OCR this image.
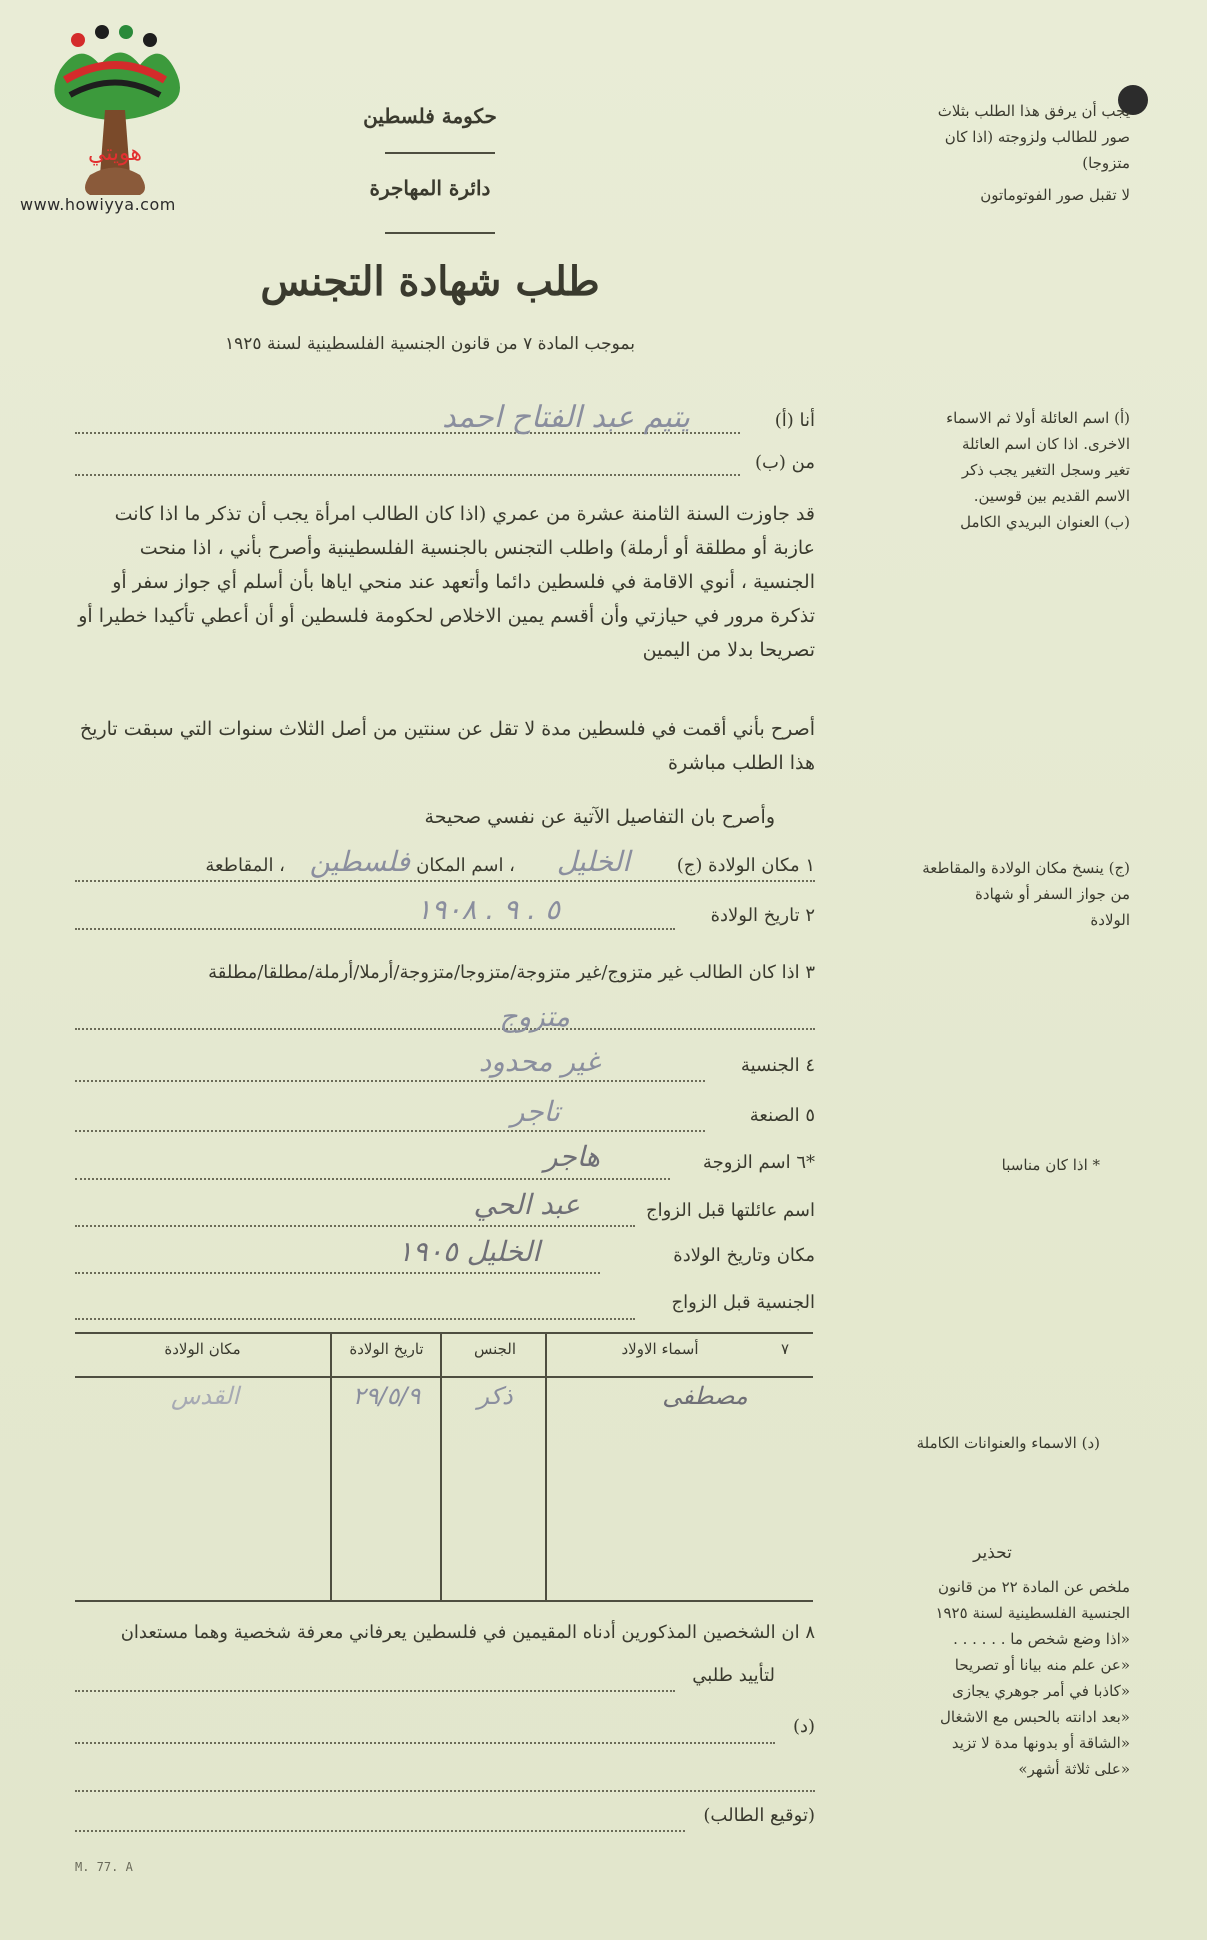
هويتي
www.howiyya.com
حكومة فلسطين
دائرة المهاجرة
طلب شهادة التجنس
بموجب المادة ٧ من قانون الجنسية الفلسطينية لسنة ١٩٢٥
يجب أن يرفق هذا الطلب بثلاث
صور للطالب ولزوجته (اذا كان
متزوجا)
لا تقبل صور الفوتوماتون
(أ) اسم العائلة أولا ثم الاسماء
الاخرى. اذا كان اسم العائلة
تغير وسجل التغير يجب ذكر
الاسم القديم بين قوسين.
(ب) العنوان البريدي الكامل
(ج) ينسخ مكان الولادة والمقاطعة
من جواز السفر أو شهادة
الولادة
* اذا كان مناسبا
(د) الاسماء والعنوانات الكاملة
تحذير
ملخص عن المادة ٢٢ من قانون
الجنسية الفلسطينية لسنة ١٩٢٥
«اذا وضع شخص ما . . . . . .
«عن علم منه بيانا أو تصريحا
«كاذبا في أمر جوهري يجازى
«بعد ادانته بالحبس مع الاشغال
«الشاقة أو بدونها مدة لا تزيد
«على ثلاثة أشهر»
أنا (أ)
يتيم عبد الفتاح احمد
من (ب)
قد جاوزت السنة الثامنة عشرة من عمري (اذا كان الطالب امرأة يجب أن تذكر ما اذا كانت عازبة أو مطلقة أو أرملة) واطلب التجنس بالجنسية الفلسطينية وأصرح بأني ، اذا منحت الجنسية ، أنوي الاقامة في فلسطين دائما وأتعهد عند منحي اياها بأن أسلم أي جواز سفر أو تذكرة مرور في حيازتي وأن أقسم يمين الاخلاص لحكومة فلسطين أو أن أعطي تأكيدا خطيرا أو تصريحا بدلا من اليمين
أصرح بأني أقمت في فلسطين مدة لا تقل عن سنتين من أصل الثلاث سنوات التي سبقت تاريخ هذا الطلب مباشرة
وأصرح بان التفاصيل الآتية عن نفسي صحيحة
١ مكان الولادة (ج)
الخليل
، اسم المكان
فلسطين
، المقاطعة
٢ تاريخ الولادة
٥ . ٩ . ١٩٠٨
٣ اذا كان الطالب غير متزوج/غير متزوجة/متزوجا/متزوجة/أرملا/أرملة/مطلقا/مطلقة
متزوج
٤ الجنسية
غير محدود
٥ الصنعة
تاجر
*٦ اسم الزوجة
هاجر
اسم عائلتها قبل الزواج
عبد الحي
مكان وتاريخ الولادة
الخليل ١٩٠٥
الجنسية قبل الزواج
٧
أسماء الاولاد
الجنس
تاريخ الولادة
مكان الولادة
مصطفى
ذكر
٢٩/٥/٩
القدس
٨ ان الشخصين المذكورين أدناه المقيمين في فلسطين يعرفاني معرفة شخصية وهما مستعدان
لتأييد طلبي
(د)
(توقيع الطالب)
M. 77. A
